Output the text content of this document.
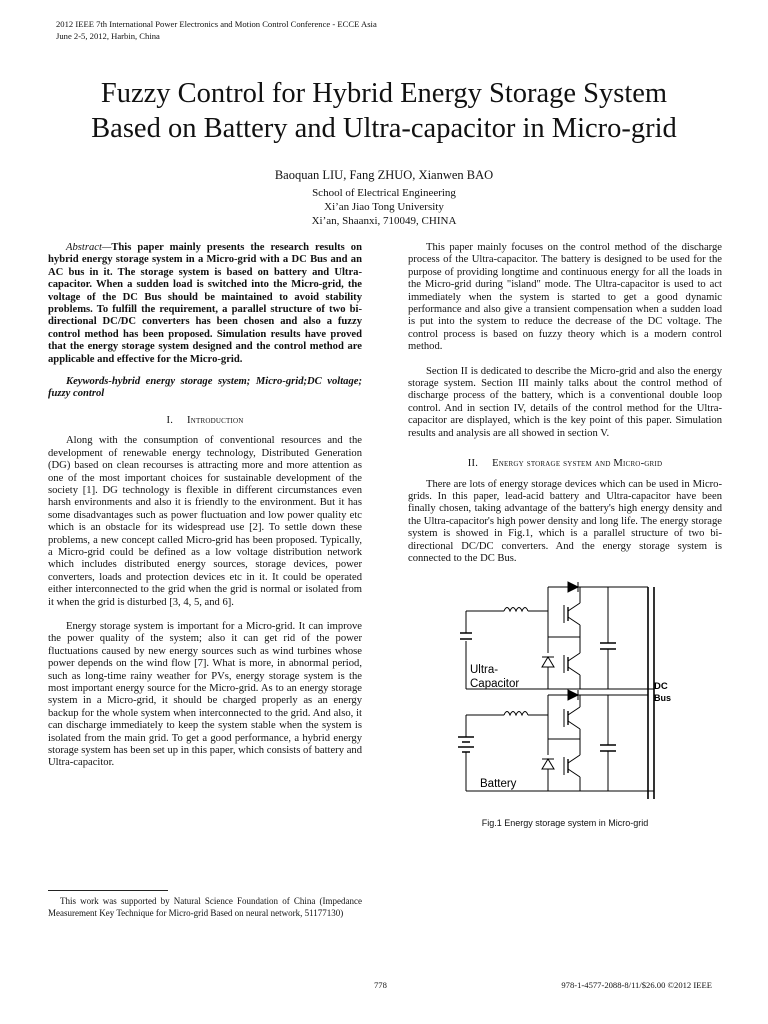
2012 IEEE 7th International Power Electronics and Motion Control Conference - ECCE Asia
June 2-5, 2012, Harbin, China
Fuzzy Control for Hybrid Energy Storage System
Based on Battery and Ultra-capacitor in Micro-grid
Baoquan LIU, Fang ZHUO, Xianwen BAO
School of Electrical Engineering
Xi’an Jiao Tong University
Xi’an, Shaanxi, 710049, CHINA

Abstract—This paper mainly presents the research results on hybrid energy storage system in a Micro-grid with a DC Bus and an AC bus in it. The storage system is based on battery and Ultra-capacitor. When a sudden load is switched into the Micro-grid, the voltage of the DC Bus should be maintained to avoid stability problems. To fulfill the requirement, a parallel structure of two bi-directional DC/DC converters has been chosen and also a fuzzy control method has been proposed. Simulation results have proved that the energy storage system designed and the control method are applicable and effective for the Micro-grid.

Keywords-hybrid energy storage system; Micro-grid;DC voltage; fuzzy control

I. Introduction

Along with the consumption of conventional resources and the development of renewable energy technology, Distributed Generation (DG) based on clean recourses is attracting more and more attention as one of the most important choices for sustainable development of the society [1]. DG technology is flexible in different circumstances even harsh environments and also it is friendly to the environment. But it has some disadvantages such as power fluctuation and low power quality etc which is an obstacle for its widespread use [2]. To settle down these problems, a new concept called Micro-grid has been proposed. Typically, a Micro-grid could be defined as a low voltage distribution network which includes distributed energy sources, storage devices, power converters, loads and protection devices etc in it. It could be operated either interconnected to the grid when the grid is normal or isolated from it when the grid is disturbed [3, 4, 5, and 6].

Energy storage system is important for a Micro-grid. It can improve the power quality of the system; also it can get rid of the power fluctuations caused by new energy sources such as wind turbines whose power depends on the wind flow [7]. What is more, in abnormal period, such as long-time rainy weather for PVs, energy storage system is the most important energy source for the Micro-grid. As to an energy storage system in a Micro-grid, it should be charged properly as an energy backup for the whole system when interconnected to the grid. And also, it can discharge immediately to keep the system stable when the system is isolated from the main grid. To get a good performance, a hybrid energy storage system has been set up in this paper, which consists of battery and Ultra-capacitor.

This paper mainly focuses on the control method of the discharge process of the Ultra-capacitor. The battery is designed to be used for the purpose of providing longtime and continuous energy for all the loads in the Micro-grid during "island" mode. The Ultra-capacitor is used to act immediately when the system is started to get a good dynamic performance and also give a transient compensation when a sudden load is put into the system to reduce the decrease of the DC voltage. The control process is based on fuzzy theory which is a modern control method.

Section II is dedicated to describe the Micro-grid and also the energy storage system. Section III mainly talks about the control method of discharge process of the battery, which is a conventional double loop control. And in section IV, details of the control method for the Ultra-capacitor are displayed, which is the key point of this paper. Simulation results and analysis are all showed in section V.

II. Energy storage system and Micro-grid

There are lots of energy storage devices which can be used in Micro-grids. In this paper, lead-acid battery and Ultra-capacitor have been finally chosen, taking advantage of the battery's high energy density and the Ultra-capacitor's high power density and long life. The energy storage system is showed in Fig.1, which is a parallel structure of two bi-directional DC/DC converters. And the energy storage system is connected to the DC Bus.

Ultra-
Capacitor	DC
Bus
Battery
Fig.1 Energy storage system in Micro-grid
This work was supported by Natural Science Foundation of China (Impedance Measurement Key Technique for Micro-grid Based on neural network, 51177130)
778	978-1-4577-2088-8/11/$26.00 ©2012 IEEE
